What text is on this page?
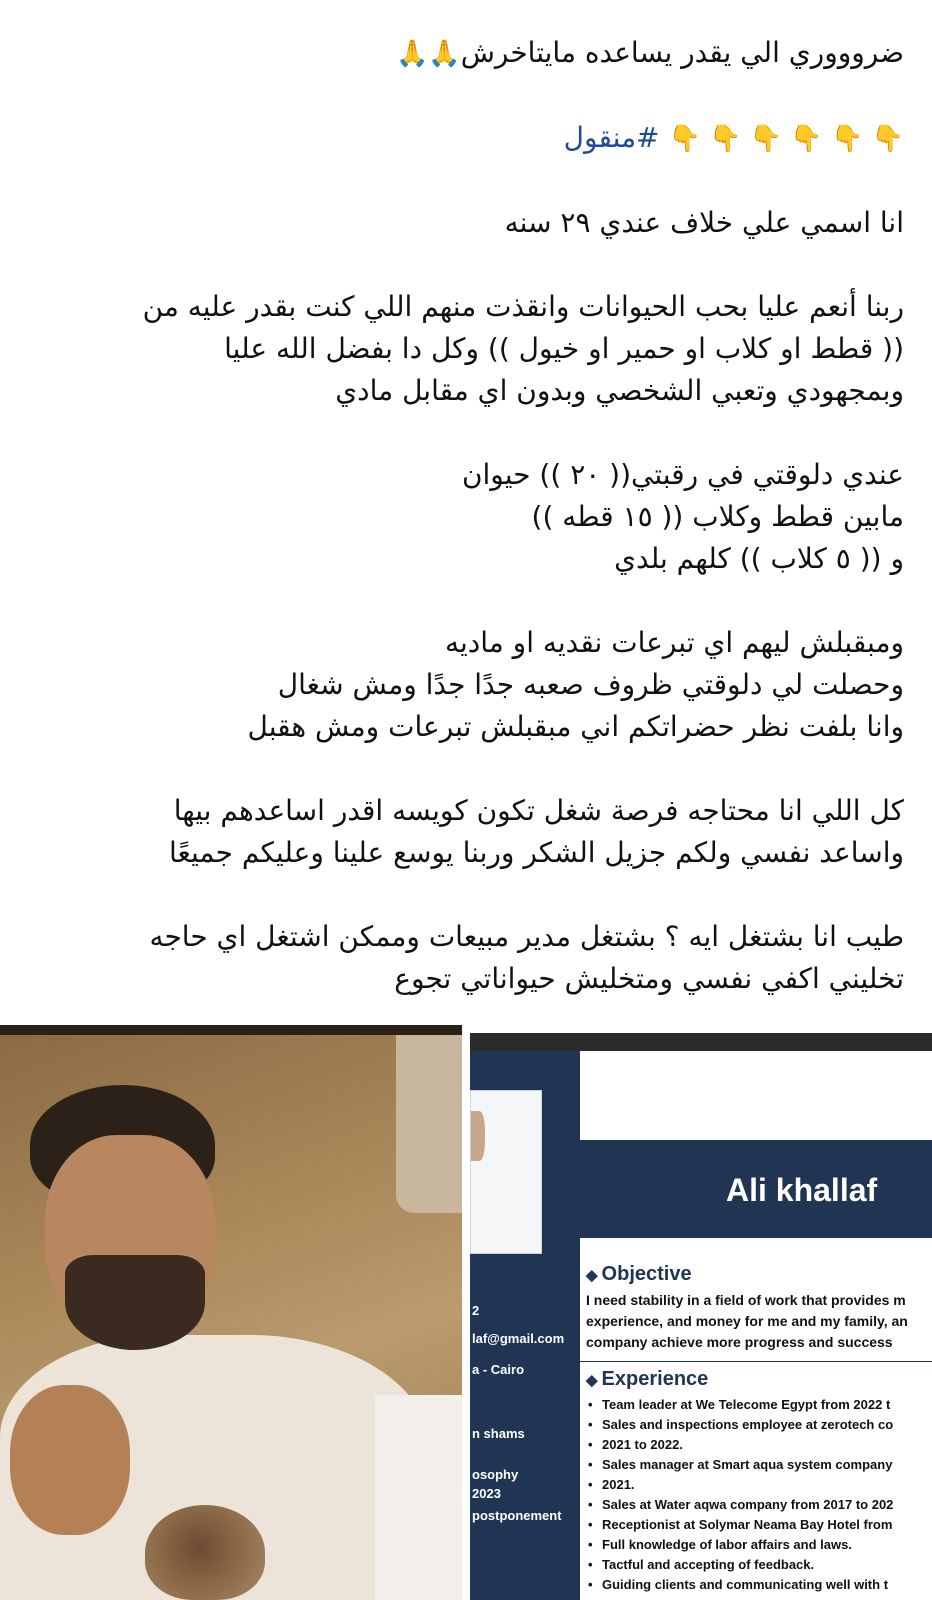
ضروووري الي يقدر يساعده مايتاخرش🙏🙏

👇 👇 👇 👇 👇 👇 #منقول

انا اسمي علي خلاف عندي ٢٩ سنه

ربنا أنعم عليا بحب الحيوانات وانقذت منهم اللي كنت بقدر عليه من

(( قطط او كلاب او حمير او خيول )) وكل دا بفضل الله عليا

وبمجهودي وتعبي الشخصي وبدون اي مقابل مادي

عندي دلوقتي في رقبتي(( ٢٠ )) حيوان

مابين قطط وكلاب (( ١٥ قطه ))

و (( ٥ كلاب )) كلهم بلدي

ومبقبلش ليهم اي تبرعات نقديه او ماديه

وحصلت لي دلوقتي ظروف صعبه جدًا جدًا ومش شغال

وانا بلفت نظر حضراتكم اني مبقبلش تبرعات ومش هقبل

كل اللي انا محتاجه فرصة شغل تكون كويسه اقدر اساعدهم بيها

واساعد نفسي ولكم جزيل الشكر وربنا يوسع علينا وعليكم جميعًا

طيب انا بشتغل ايه ؟ بشتغل مدير مبيعات وممكن اشتغل اي حاجه

تخليني اكفي نفسي ومتخليش حيواناتي تجوع

2
laf@gmail.com
a - Cairo
n shams
osophy
2023
postponement
Ali khallaf

◆ Objective

I need stability in a field of work that provides m
experience, and money for me and my family, an
company achieve more progress and success

◆ Experience

• Team leader at We Telecome Egypt from 2022 t
• Sales and inspections employee at zerotech co
• 2021 to 2022.
• Sales manager at Smart aqua system company
• 2021.
• Sales at Water aqwa company from 2017 to 202
• Receptionist at Solymar Neama Bay Hotel from
• Full knowledge of labor affairs and laws.
• Tactful and accepting of feedback.
• Guiding clients and communicating well with t
